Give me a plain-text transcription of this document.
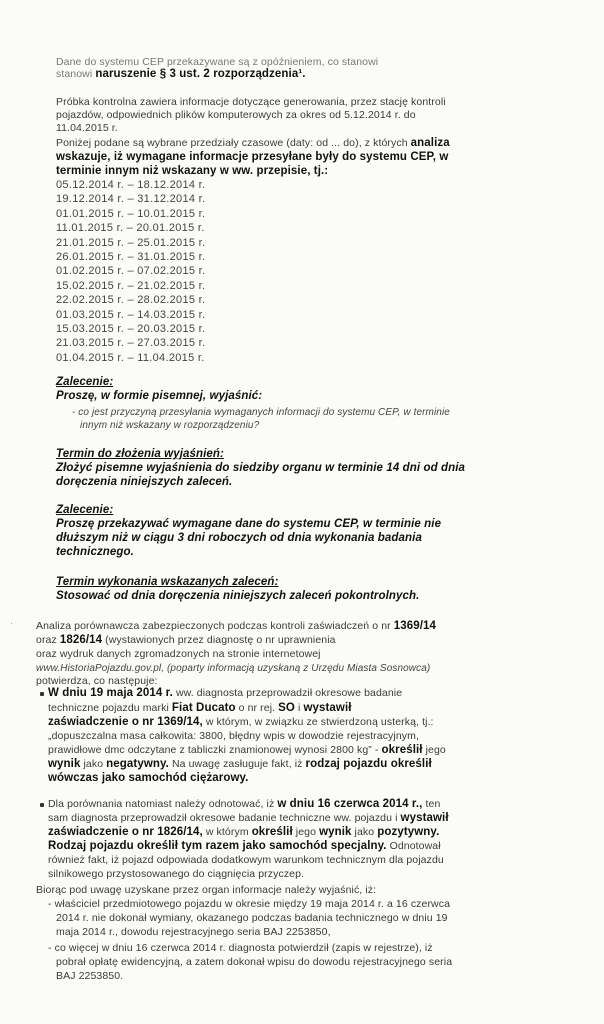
Dane do systemu CEP przekazywane są z opóźnieniem, co stanowi
stanowi naruszenie § 3 ust. 2 rozporządzenia¹.
Próbka kontrolna zawiera informacje dotyczące generowania, przez stację kontroli
pojazdów, odpowiednich plików komputerowych za okres od 5.12.2014 r. do
11.04.2015 r.
Poniżej podane są wybrane przedziały czasowe (daty: od ... do), z których analiza
wskazuje, iż wymagane informacje przesyłane były do systemu CEP, w
terminie innym niż wskazany w ww. przepisie, tj.:
05.12.2014 r. – 18.12.2014 r.
19.12.2014 r. – 31.12.2014 r.
01.01.2015 r. – 10.01.2015 r.
11.01.2015 r. – 20.01.2015 r.
21.01.2015 r. – 25.01.2015 r.
26.01.2015 r. – 31.01.2015 r.
01.02.2015 r. – 07.02.2015 r.
15.02.2015 r. – 21.02.2015 r.
22.02.2015 r. – 28.02.2015 r.
01.03.2015 r. – 14.03.2015 r.
15.03.2015 r. – 20.03.2015 r.
21.03.2015 r. – 27.03.2015 r.
01.04.2015 r. – 11.04.2015 r.
Zalecenie:
Proszę, w formie pisemnej, wyjaśnić:
- co jest przyczyną przesyłania wymaganych informacji do systemu CEP, w terminie
innym niż wskazany w rozporządzeniu?
Termin do złożenia wyjaśnień:
Złożyć pisemne wyjaśnienia do siedziby organu w terminie 14 dni od dnia
doręczenia niniejszych zaleceń.
Zalecenie:
Proszę przekazywać wymagane dane do systemu CEP, w terminie nie
dłuższym niż w ciągu 3 dni roboczych od dnia wykonania badania
technicznego.
Termin wykonania wskazanych zaleceń:
Stosować od dnia doręczenia niniejszych zaleceń pokontrolnych.
·	Analiza porównawcza zabezpieczonych podczas kontroli zaświadczeń o nr 1369/14
oraz 1826/14 (wystawionych przez diagnostę o nr uprawnienia
oraz wydruk danych zgromadzonych na stronie internetowej
www.HistoriaPojazdu.gov.pl, (poparty informacją uzyskaną z Urzędu Miasta Sosnowca)
potwierdza, co następuje:
W dniu 19 maja 2014 r. ww. diagnosta przeprowadził okresowe badanie
techniczne pojazdu marki Fiat Ducato o nr rej. SO i wystawił
zaświadczenie o nr 1369/14, w którym, w związku ze stwierdzoną usterką, tj.:
„dopuszczalna masa całkowita: 3800, błędny wpis w dowodzie rejestracyjnym,
prawidłowe dmc odczytane z tabliczki znamionowej wynosi 2800 kg” - określił jego
wynik jako negatywny. Na uwagę zasługuje fakt, iż rodzaj pojazdu określił
wówczas jako samochód ciężarowy.
Dla porównania natomiast należy odnotować, iż w dniu 16 czerwca 2014 r., ten
sam diagnosta przeprowadził okresowe badanie techniczne ww. pojazdu i wystawił
zaświadczenie o nr 1826/14, w którym określił jego wynik jako pozytywny.
Rodzaj pojazdu określił tym razem jako samochód specjalny. Odnotował
również fakt, iż pojazd odpowiada dodatkowym warunkom technicznym dla pojazdu
silnikowego przystosowanego do ciągnięcia przyczep.
Biorąc pod uwagę uzyskane przez organ informacje należy wyjaśnić, iż:
- właściciel przedmiotowego pojazdu w okresie między 19 maja 2014 r. a 16 czerwca
2014 r. nie dokonał wymiany, okazanego podczas badania technicznego w dniu 19
maja 2014 r., dowodu rejestracyjnego seria BAJ 2253850,
- co więcej w dniu 16 czerwca 2014 r. diagnosta potwierdził (zapis w rejestrze), iż
pobrał opłatę ewidencyjną, a zatem dokonał wpisu do dowodu rejestracyjnego seria
BAJ 2253850.
